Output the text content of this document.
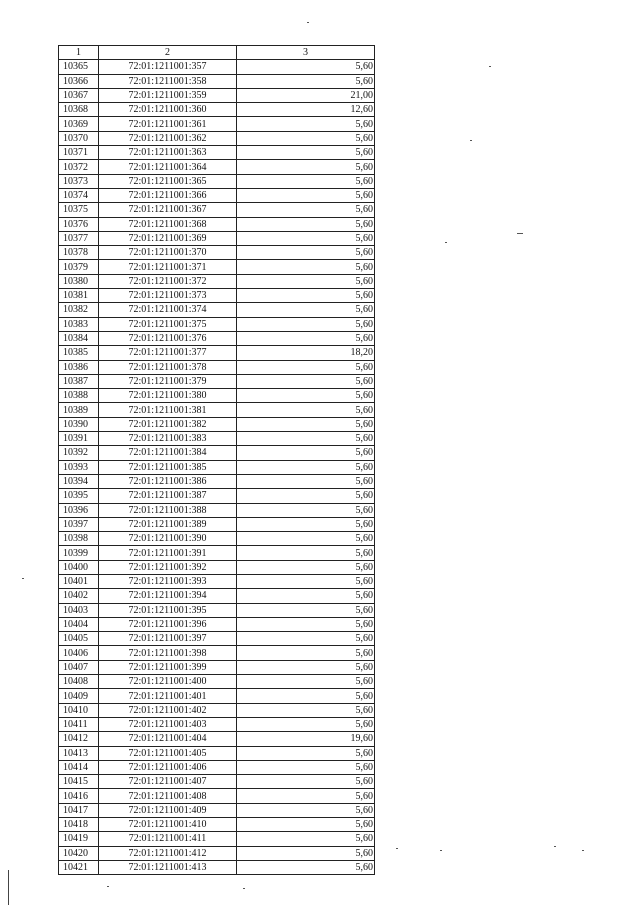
1	2	3
10365	72:01:1211001:357	5,60
10366	72:01:1211001:358	5,60
10367	72:01:1211001:359	21,00
10368	72:01:1211001:360	12,60
10369	72:01:1211001:361	5,60
10370	72:01:1211001:362	5,60
10371	72:01:1211001:363	5,60
10372	72:01:1211001:364	5,60
10373	72:01:1211001:365	5,60
10374	72:01:1211001:366	5,60
10375	72:01:1211001:367	5,60
10376	72:01:1211001:368	5,60
10377	72:01:1211001:369	5,60
10378	72:01:1211001:370	5,60
10379	72:01:1211001:371	5,60
10380	72:01:1211001:372	5,60
10381	72:01:1211001:373	5,60
10382	72:01:1211001:374	5,60
10383	72:01:1211001:375	5,60
10384	72:01:1211001:376	5,60
10385	72:01:1211001:377	18,20
10386	72:01:1211001:378	5,60
10387	72:01:1211001:379	5,60
10388	72:01:1211001:380	5,60
10389	72:01:1211001:381	5,60
10390	72:01:1211001:382	5,60
10391	72:01:1211001:383	5,60
10392	72:01:1211001:384	5,60
10393	72:01:1211001:385	5,60
10394	72:01:1211001:386	5,60
10395	72:01:1211001:387	5,60
10396	72:01:1211001:388	5,60
10397	72:01:1211001:389	5,60
10398	72:01:1211001:390	5,60
10399	72:01:1211001:391	5,60
10400	72:01:1211001:392	5,60
10401	72:01:1211001:393	5,60
10402	72:01:1211001:394	5,60
10403	72:01:1211001:395	5,60
10404	72:01:1211001:396	5,60
10405	72:01:1211001:397	5,60
10406	72:01:1211001:398	5,60
10407	72:01:1211001:399	5,60
10408	72:01:1211001:400	5,60
10409	72:01:1211001:401	5,60
10410	72:01:1211001:402	5,60
10411	72:01:1211001:403	5,60
10412	72:01:1211001:404	19,60
10413	72:01:1211001:405	5,60
10414	72:01:1211001:406	5,60
10415	72:01:1211001:407	5,60
10416	72:01:1211001:408	5,60
10417	72:01:1211001:409	5,60
10418	72:01:1211001:410	5,60
10419	72:01:1211001:411	5,60
10420	72:01:1211001:412	5,60
10421	72:01:1211001:413	5,60
